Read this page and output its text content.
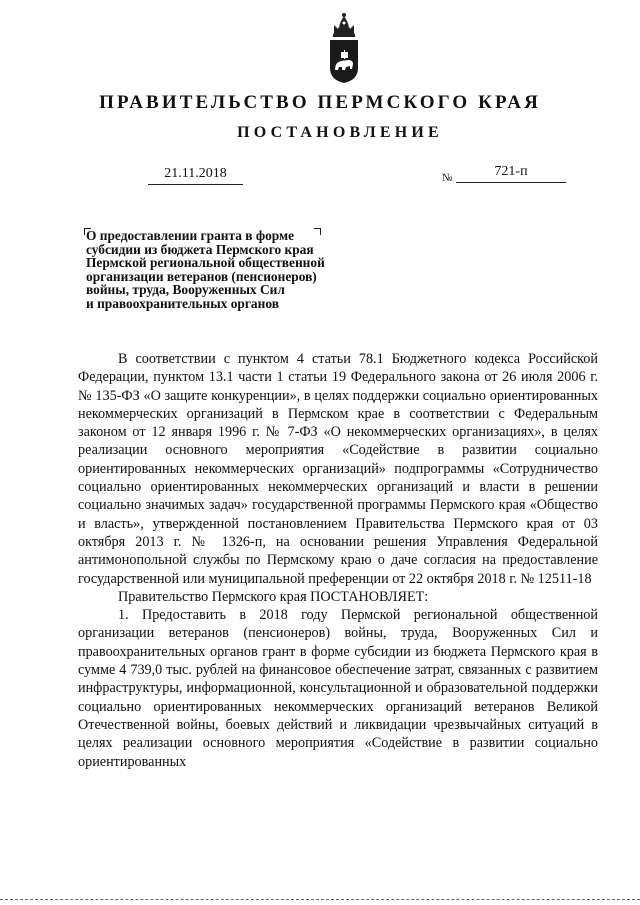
ПРАВИТЕЛЬСТВО ПЕРМСКОГО КРАЯ
ПОСТАНОВЛЕНИЕ
21.11.2018	№	721-п
О предоставлении гранта в форме
субсидии из бюджета Пермского края
Пермской региональной общественной
организации ветеранов (пенсионеров)
войны, труда, Вооруженных Сил
и правоохранительных органов

В соответствии с пунктом 4 статьи 78.1 Бюджетного кодекса Российской Федерации, пунктом 13.1 части 1 статьи 19 Федерального закона от 26 июля 2006 г. № 135-ФЗ «О защите конкуренции», в целях поддержки социально ориентированных некоммерческих организаций в Пермском крае в соответствии с Федеральным законом от 12 января 1996 г. № 7-ФЗ «О некоммерческих организациях», в целях реализации основного мероприятия «Содействие в развитии социально ориентированных некоммерческих организаций» подпрограммы «Сотрудничество социально ориентированных некоммерческих организаций и власти в решении социально значимых задач» государственной программы Пермского края «Общество и власть», утвержденной постановлением Правительства Пермского края от 03 октября 2013 г. № 1326-п, на основании решения Управления Федеральной антимонопольной службы по Пермскому краю о даче согласия на предоставление государственной или муниципальной преференции от 22 октября 2018 г. № 12511-18

Правительство Пермского края ПОСТАНОВЛЯЕТ:

1. Предоставить в 2018 году Пермской региональной общественной организации ветеранов (пенсионеров) войны, труда, Вооруженных Сил и правоохранительных органов грант в форме субсидии из бюджета Пермского края в сумме 4 739,0 тыс. рублей на финансовое обеспечение затрат, связанных с развитием инфраструктуры, информационной, консультационной и образовательной поддержки социально ориентированных некоммерческих организаций ветеранов Великой Отечественной войны, боевых действий и ликвидации чрезвычайных ситуаций в целях реализации основного мероприятия «Содействие в развитии социально ориентированных
